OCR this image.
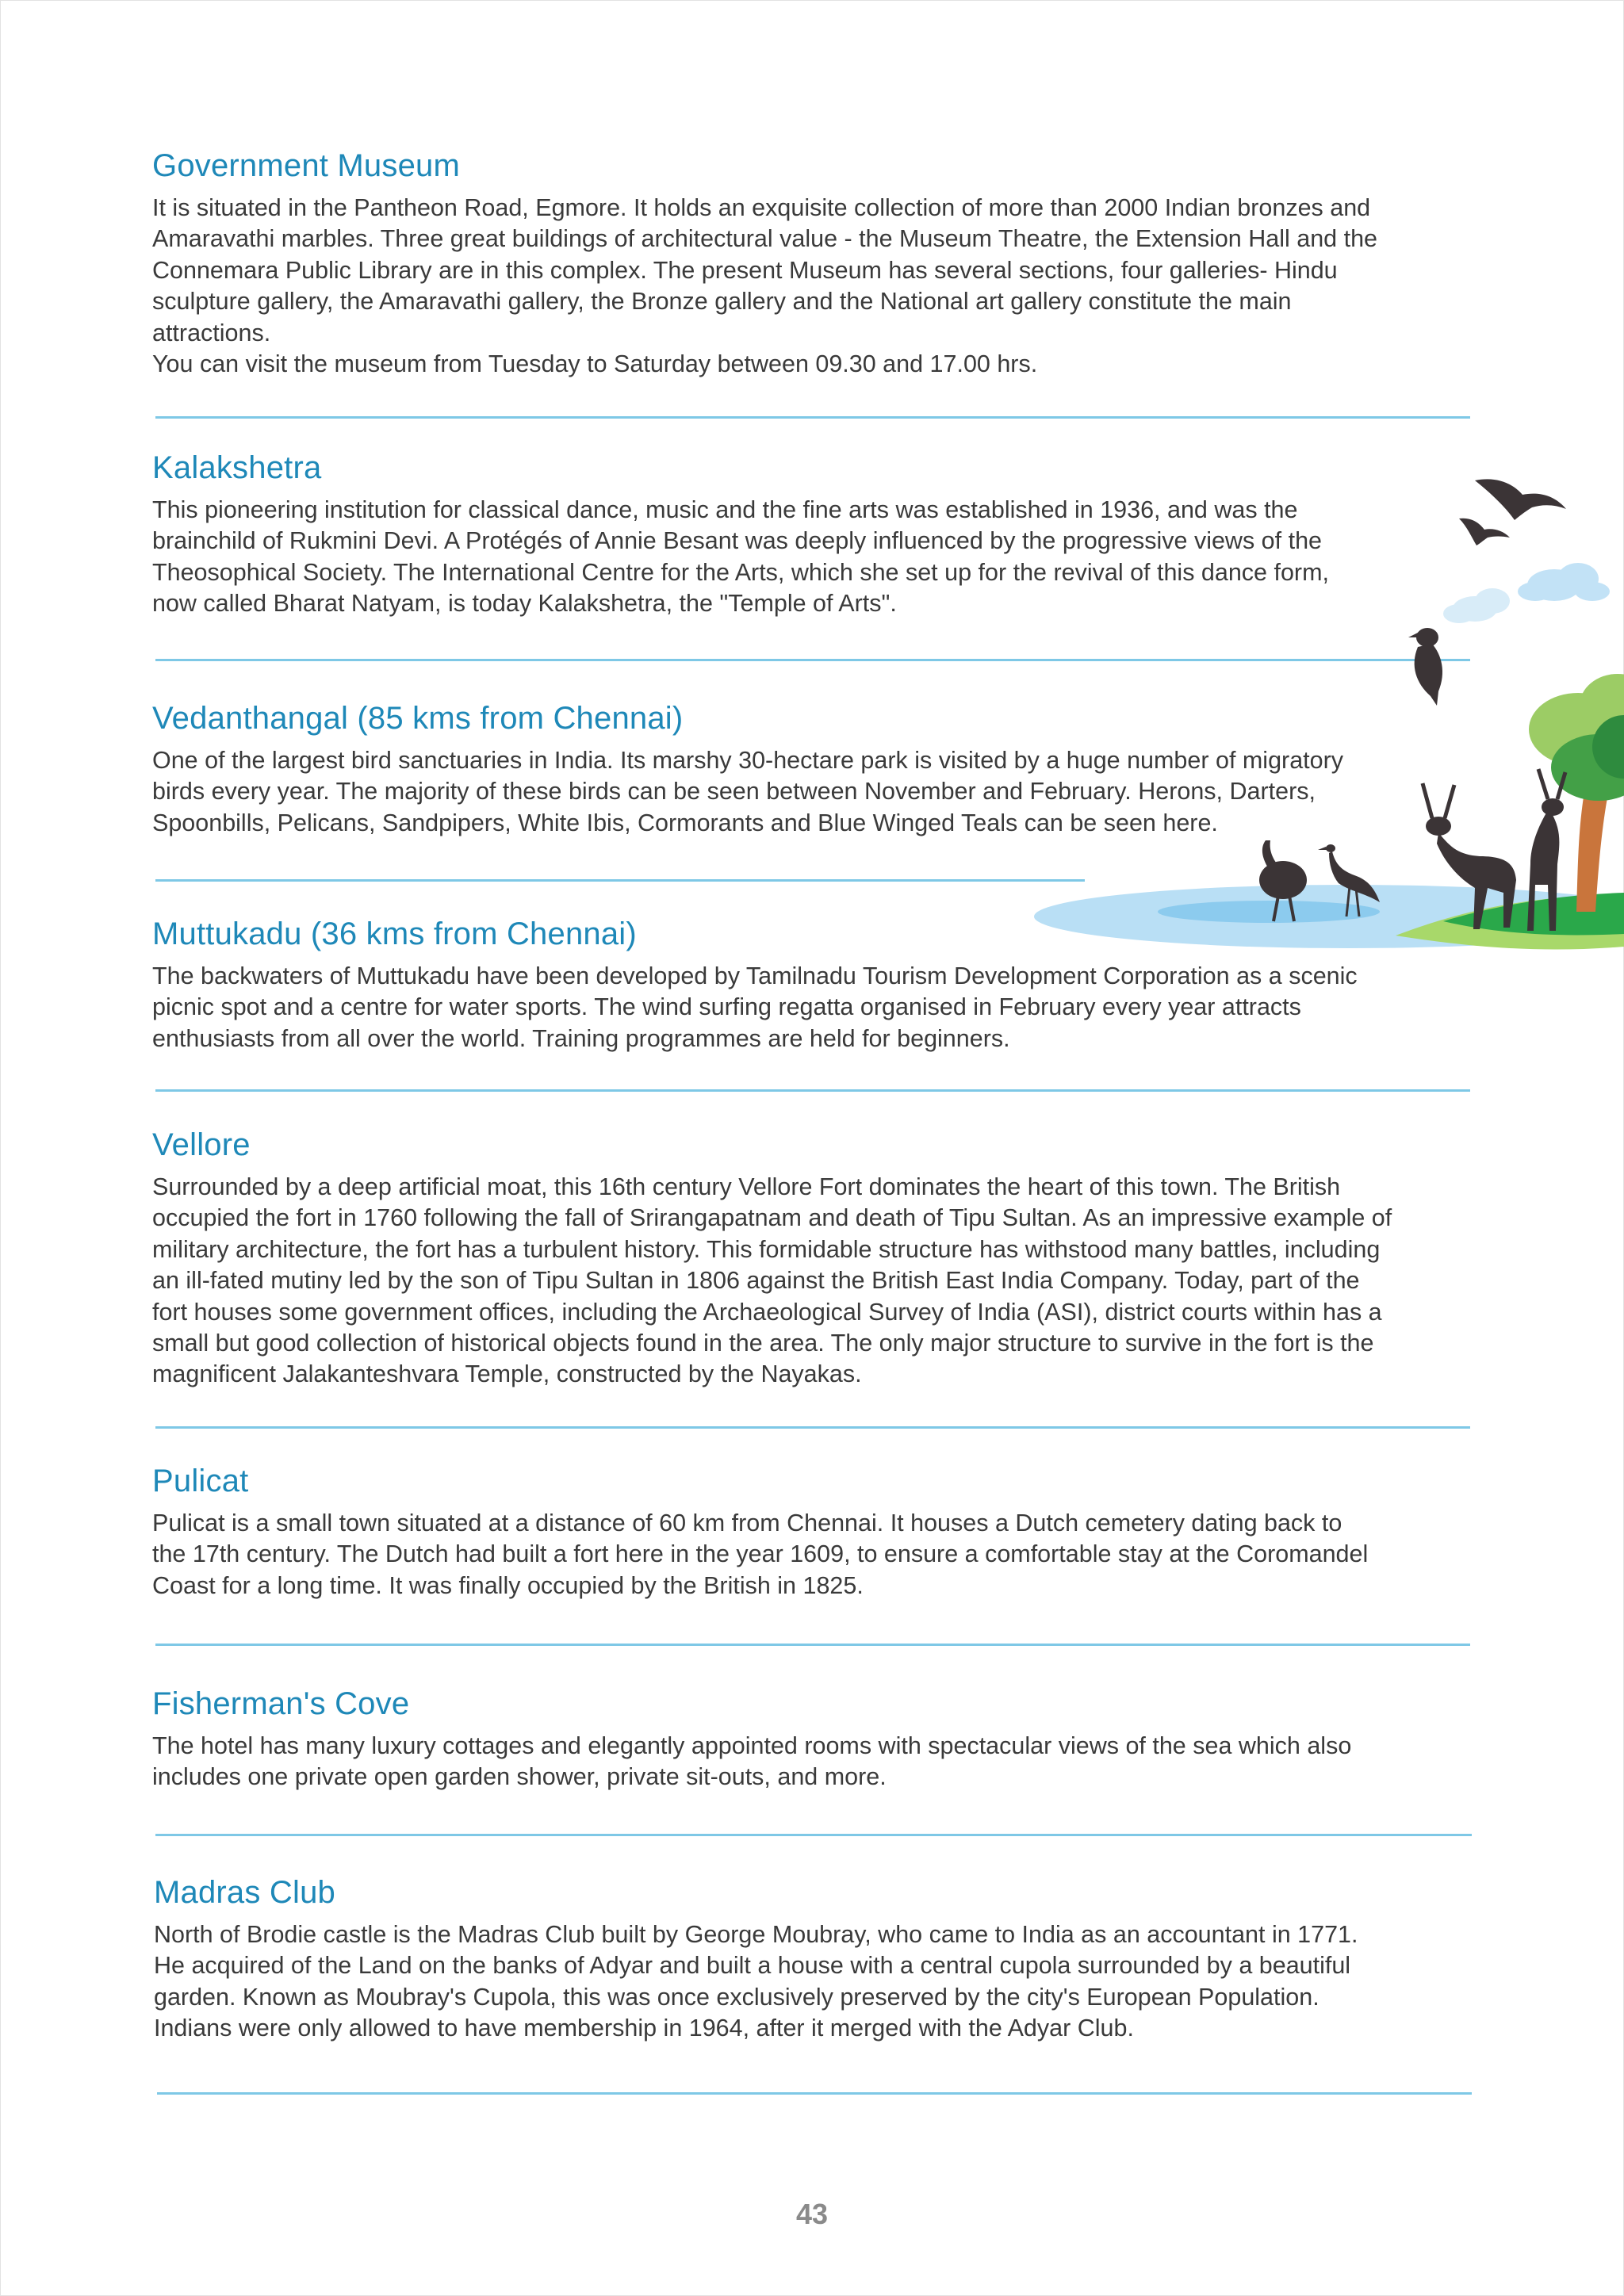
Government Museum

It is situated in the Pantheon Road, Egmore. It holds an exquisite collection of more than 2000 Indian bronzes and
Amaravathi marbles. Three great buildings of architectural value - the Museum Theatre, the Extension Hall and the
Connemara Public Library are in this complex. The present Museum has several sections, four galleries- Hindu
sculpture gallery, the Amaravathi gallery, the Bronze gallery and the National art gallery constitute the main
attractions.
You can visit the museum from Tuesday to Saturday between 09.30 and 17.00 hrs.

Kalakshetra

This pioneering institution for classical dance, music and the fine arts was established in 1936, and was the
brainchild of Rukmini Devi. A Protégés of Annie Besant was deeply influenced by the progressive views of the
Theosophical Society. The International Centre for the Arts, which she set up for the revival of this dance form,
now called Bharat Natyam, is today Kalakshetra, the "Temple of Arts".

Vedanthangal (85 kms from Chennai)

One of the largest bird sanctuaries in India. Its marshy 30-hectare park is visited by a huge number of migratory
birds every year. The majority of these birds can be seen between November and February. Herons, Darters,
Spoonbills, Pelicans, Sandpipers, White Ibis, Cormorants and Blue Winged Teals can be seen here.

Muttukadu (36 kms from Chennai)

The backwaters of Muttukadu have been developed by Tamilnadu Tourism Development Corporation as a scenic
picnic spot and a centre for water sports. The wind surfing regatta organised in February every year attracts
enthusiasts from all over the world. Training programmes are held for beginners.

Vellore

Surrounded by a deep artificial moat, this 16th century Vellore Fort dominates the heart of this town. The British
occupied the fort in 1760 following the fall of Srirangapatnam and death of Tipu Sultan. As an impressive example of
military architecture, the fort has a turbulent history. This formidable structure has withstood many battles, including
an ill-fated mutiny led by the son of Tipu Sultan in 1806 against the British East India Company. Today, part of the
fort houses some government offices, including the Archaeological Survey of India (ASI), district courts within has a
small but good collection of historical objects found in the area. The only major structure to survive in the fort is the
magnificent Jalakanteshvara Temple, constructed by the Nayakas.

Pulicat

Pulicat is a small town situated at a distance of 60 km from Chennai. It houses a Dutch cemetery dating back to
the 17th century. The Dutch had built a fort here in the year 1609, to ensure a comfortable stay at the Coromandel
Coast for a long time. It was finally occupied by the British in 1825.

Fisherman's Cove

The hotel has many luxury cottages and elegantly appointed rooms with spectacular views of the sea which also
includes one private open garden shower, private sit-outs, and more.

Madras Club

North of Brodie castle is the Madras Club built by George Moubray, who came to India as an accountant in 1771.
He acquired of the Land on the banks of Adyar and built a house with a central cupola surrounded by a beautiful
garden. Known as Moubray's Cupola, this was once exclusively preserved by the city's European Population.
Indians were only allowed to have membership in 1964, after it merged with the Adyar Club.

43
